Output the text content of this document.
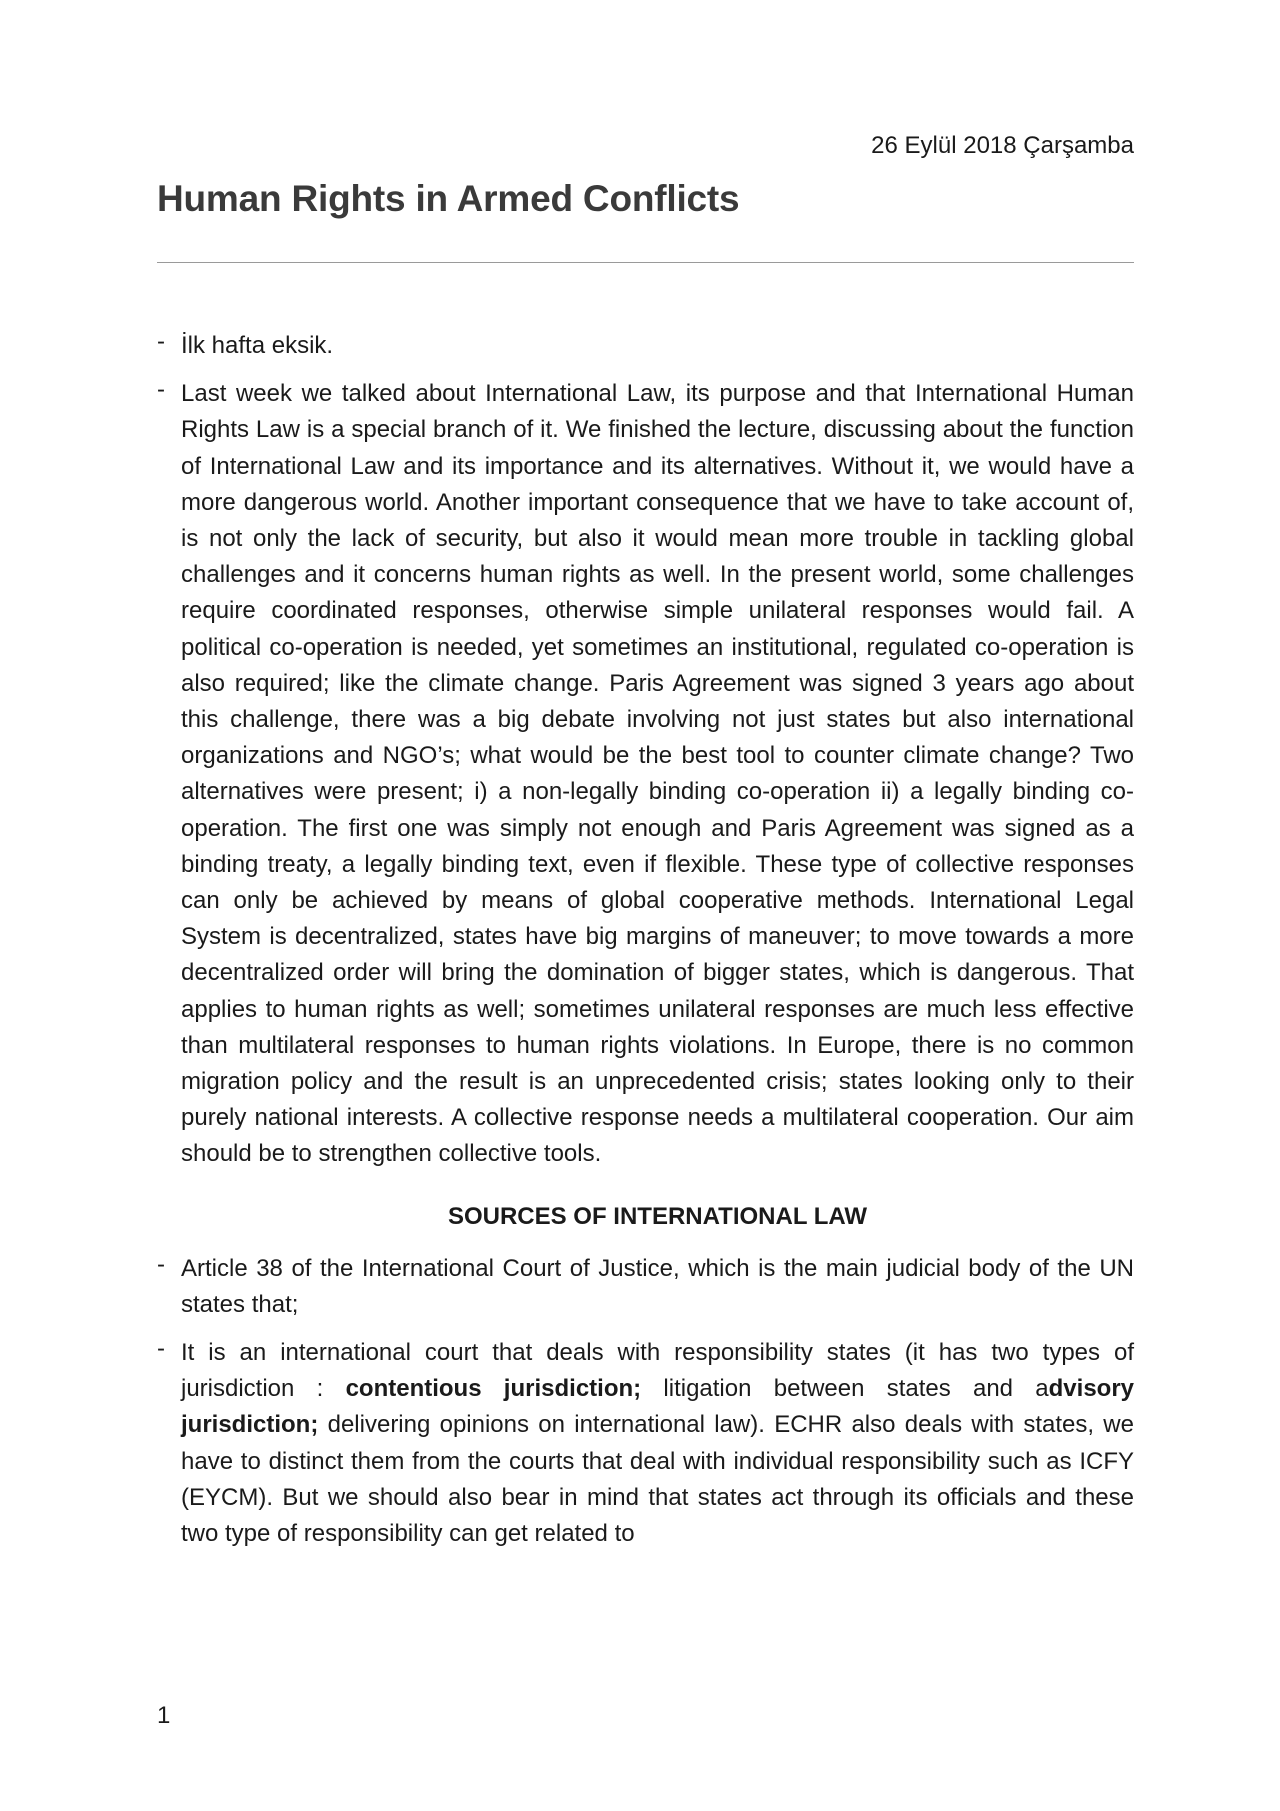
26 Eylül 2018 Çarşamba
Human Rights in Armed Conflicts
- İlk hafta eksik.
- Last week we talked about International Law, its purpose and that International Human Rights Law is a special branch of it. We finished the lecture, discussing about the function of International Law and its importance and its alternatives. Without it, we would have a more dangerous world. Another important consequence that we have to take account of, is not only the lack of security, but also it would mean more trouble in tackling global challenges and it concerns human rights as well. In the present world, some challenges require coordinated responses, otherwise simple unilateral responses would fail. A political co-operation is needed, yet sometimes an institutional, regulated co-operation is also required; like the climate change. Paris Agreement was signed 3 years ago about this challenge, there was a big debate involving not just states but also international organizations and NGO’s; what would be the best tool to counter climate change? Two alternatives were present; i) a non-legally binding co-operation ii) a legally binding co-operation. The first one was simply not enough and Paris Agreement was signed as a binding treaty, a legally binding text, even if flexible. These type of collective responses can only be achieved by means of global cooperative methods. International Legal System is decentralized, states have big margins of maneuver; to move towards a more decentralized order will bring the domination of bigger states, which is dangerous. That applies to human rights as well; sometimes unilateral responses are much less effective than multilateral responses to human rights violations. In Europe, there is no common migration policy and the result is an unprecedented crisis; states looking only to their purely national interests. A collective response needs a multilateral cooperation. Our aim should be to strengthen collective tools.
SOURCES OF INTERNATIONAL LAW
- Article 38 of the International Court of Justice, which is the main judicial body of the UN states that;
- It is an international court that deals with responsibility states (it has two types of jurisdiction : contentious jurisdiction; litigation between states and advisory jurisdiction; delivering opinions on international law). ECHR also deals with states, we have to distinct them from the courts that deal with individual responsibility such as ICFY (EYCM). But we should also bear in mind that states act through its officials and these two type of responsibility can get related to
1
